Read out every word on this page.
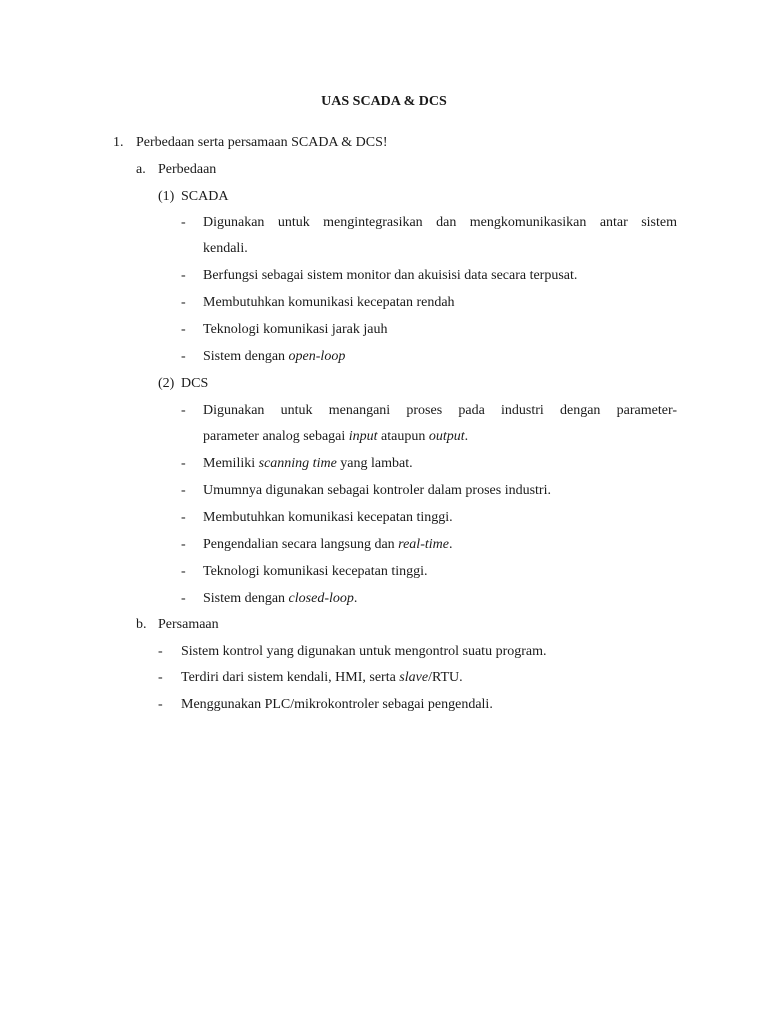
UAS SCADA & DCS
1. Perbedaan serta persamaan SCADA & DCS!
a. Perbedaan
(1) SCADA
- Digunakan untuk mengintegrasikan dan mengkomunikasikan antar sistem
kendali.
- Berfungsi sebagai sistem monitor dan akuisisi data secara terpusat.
- Membutuhkan komunikasi kecepatan rendah
- Teknologi komunikasi jarak jauh
- Sistem dengan open-loop
(2) DCS
- Digunakan untuk menangani proses pada industri dengan parameter-
parameter analog sebagai input ataupun output.
- Memiliki scanning time yang lambat.
- Umumnya digunakan sebagai kontroler dalam proses industri.
- Membutuhkan komunikasi kecepatan tinggi.
- Pengendalian secara langsung dan real-time.
- Teknologi komunikasi kecepatan tinggi.
- Sistem dengan closed-loop.
b. Persamaan
- Sistem kontrol yang digunakan untuk mengontrol suatu program.
- Terdiri dari sistem kendali, HMI, serta slave/RTU.
- Menggunakan PLC/mikrokontroler sebagai pengendali.
